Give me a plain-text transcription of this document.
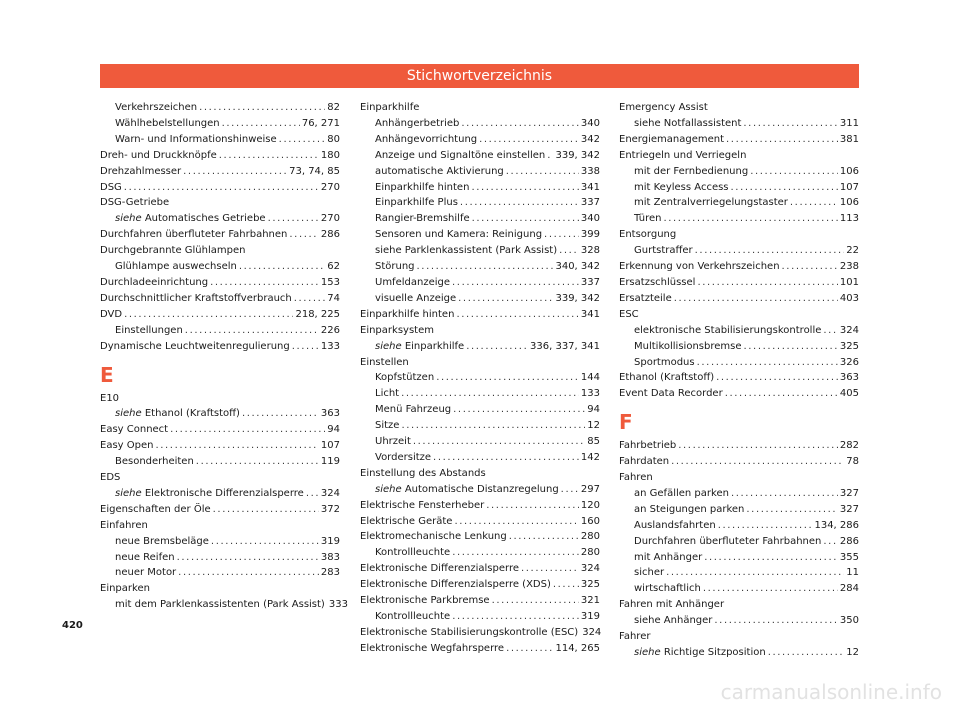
Stichwortverzeichnis
Verkehrszeichen .....	82
Wählhebelstellungen .....	76, 271
Warn- und Informationshinweise .....	80
Dreh- und Druckknöpfe .....	180
Drehzahlmesser .....	73, 74, 85
DSG .....	270
DSG-Getriebe
siehe Automatisches Getriebe .....	270
Durchfahren überfluteter Fahrbahnen .....	286
Durchgebrannte Glühlampen
Glühlampe auswechseln .....	62
Durchladeeinrichtung .....	153
Durchschnittlicher Kraftstoffverbrauch .....	74
DVD .....	218, 225
Einstellungen .....	226
Dynamische Leuchtweitenregulierung .....	133
E
E10
siehe Ethanol (Kraftstoff) .....	363
Easy Connect .....	94
Easy Open .....	107
Besonderheiten .....	119
EDS
siehe Elektronische Differenzialsperre ..... 324
Eigenschaften der Öle .....	372
Einfahren
neue Bremsbeläge .....	319
neue Reifen .....	383
neuer Motor .....	283
Einparken
mit dem Parklenkassistenten (Park Assist) 333
Einparkhilfe
Anhängerbetrieb .....	340
Anhängevorrichtung .....	342
Anzeige und Signaltöne einstellen ..... 339, 342
automatische Aktivierung .....	338
Einparkhilfe hinten .....	341
Einparkhilfe Plus .....	337
Rangier-Bremshilfe .....	340
Sensoren und Kamera: Reinigung .....	399
siehe Parklenkassistent (Park Assist) ..... 328
Störung .....	340, 342
Umfeldanzeige .....	337
visuelle Anzeige .....	339, 342
Einparkhilfe hinten .....	341
Einparksystem
siehe Einparkhilfe .....	336, 337, 341
Einstellen
Kopfstützen .....	144
Licht .....	133
Menü Fahrzeug .....	94
Sitze .....	12
Uhrzeit .....	85
Vordersitze .....	142
Einstellung des Abstands
siehe Automatische Distanzregelung ..... 297
Elektrische Fensterheber .....	120
Elektrische Geräte .....	160
Elektromechanische Lenkung .....	280
Kontrollleuchte .....	280
Elektronische Differenzialsperre .....	324
Elektronische Differenzialsperre (XDS) .....	325
Elektronische Parkbremse .....	321
Kontrollleuchte .....	319
Elektronische Stabilisierungskontrolle (ESC) 324
Elektronische Wegfahrsperre .....	114, 265
Emergency Assist
siehe Notfallassistent .....	311
Energiemanagement .....	381
Entriegeln und Verriegeln
mit der Fernbedienung .....	106
mit Keyless Access .....	107
mit Zentralverriegelungstaster .....	106
Türen .....	113
Entsorgung
Gurtstraffer .....	22
Erkennung von Verkehrszeichen .....	238
Ersatzschlüssel .....	101
Ersatzteile .....	403
ESC
elektronische Stabilisierungskontrolle ..... 324
Multikollisionsbremse .....	325
Sportmodus .....	326
Ethanol (Kraftstoff) .....	363
Event Data Recorder .....	405
F
Fahrbetrieb .....	282
Fahrdaten .....	78
Fahren
an Gefällen parken .....	327
an Steigungen parken .....	327
Auslandsfahrten .....	134, 286
Durchfahren überfluteter Fahrbahnen ..... 286
mit Anhänger .....	355
sicher .....	11
wirtschaftlich .....	284
Fahren mit Anhänger
siehe Anhänger .....	350
Fahrer
siehe Richtige Sitzposition .....	12
420
carmanualsonline.info
